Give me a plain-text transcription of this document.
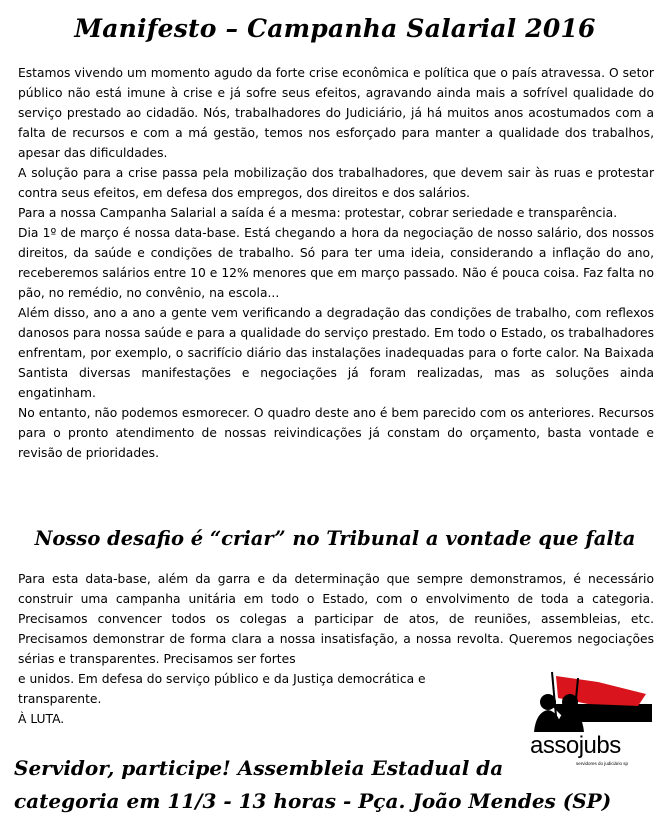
Manifesto – Campanha Salarial 2016

Estamos vivendo um momento agudo da forte crise econômica e política que o país atravessa. O setor público não está imune à crise e já sofre seus efeitos, agravando ainda mais a sofrível qualidade do serviço prestado ao cidadão. Nós, trabalhadores do Judiciário, já há muitos anos acostumados com a falta de recursos e com a má gestão, temos nos esforçado para manter a qualidade dos trabalhos, apesar das dificuldades.

A solução para a crise passa pela mobilização dos trabalhadores, que devem sair às ruas e protestar contra seus efeitos, em defesa dos empregos, dos direitos e dos salários.

Para a nossa Campanha Salarial a saída é a mesma: protestar, cobrar seriedade e transparência.

Dia 1º de março é nossa data-base. Está chegando a hora da negociação de nosso salário, dos nossos direitos, da saúde e condições de trabalho. Só para ter uma ideia, considerando a inflação do ano, receberemos salários entre 10 e 12% menores que em março passado. Não é pouca coisa. Faz falta no pão, no remédio, no convênio, na escola...

Além disso, ano a ano a gente vem verificando a degradação das condições de trabalho, com reflexos danosos para nossa saúde e para a qualidade do serviço prestado. Em todo o Estado, os trabalhadores enfrentam, por exemplo, o sacrifício diário das instalações inadequadas para o forte calor. Na Baixada Santista diversas manifestações e negociações já foram realizadas, mas as soluções ainda engatinham.

No entanto, não podemos esmorecer. O quadro deste ano é bem parecido com os anteriores. Recursos para o pronto atendimento de nossas reivindicações já constam do orçamento, basta vontade e revisão de prioridades.

Nosso desafio é “criar” no Tribunal a vontade que falta

Para esta data-base, além da garra e da determinação que sempre demonstramos, é necessário construir uma campanha unitária em todo o Estado, com o envolvimento de toda a categoria. Precisamos convencer todos os colegas a participar de atos, de reuniões, assembleias, etc. Precisamos demonstrar de forma clara a nossa insatisfação, a nossa revolta. Queremos negociações sérias e transparentes. Precisamos ser fortes

e unidos. Em defesa do serviço público e da Justiça democrática e transparente.

À LUTA.

assojubs
servidores do judiciário sp
Servidor, participe! Assembleia Estadual da
categoria em 11/3 - 13 horas - Pça. João Mendes (SP)
